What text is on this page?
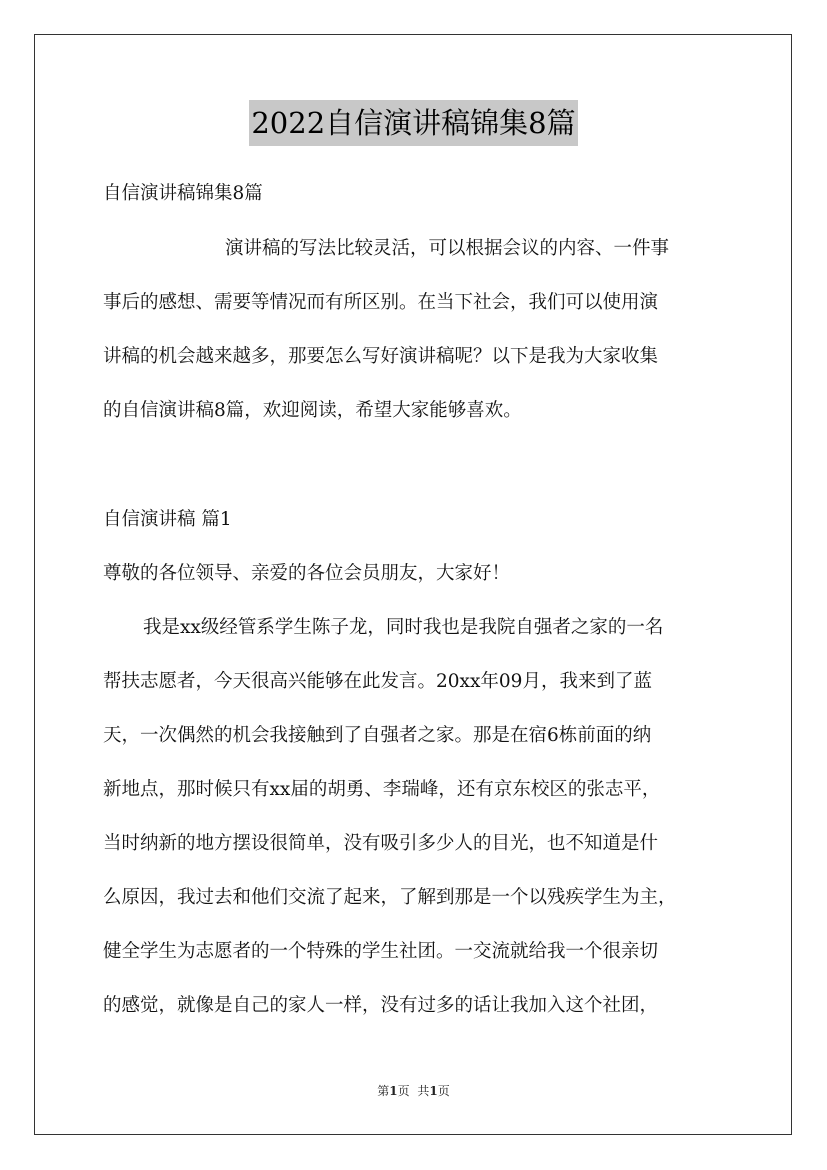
2022自信演讲稿锦集8篇
自信演讲稿锦集8篇
演讲稿的写法比较灵活，可以根据会议的内容、一件事
事后的感想、需要等情况而有所区别。在当下社会，我们可以使用演
讲稿的机会越来越多，那要怎么写好演讲稿呢？以下是我为大家收集
的自信演讲稿8篇，欢迎阅读，希望大家能够喜欢。
自信演讲稿 篇1
尊敬的各位领导、亲爱的各位会员朋友，大家好！
我是xx级经管系学生陈子龙，同时我也是我院自强者之家的一名
帮扶志愿者，今天很高兴能够在此发言。20xx年09月，我来到了蓝
天，一次偶然的机会我接触到了自强者之家。那是在宿6栋前面的纳
新地点，那时候只有xx届的胡勇、李瑞峰，还有京东校区的张志平，
当时纳新的地方摆设很简单，没有吸引多少人的目光，也不知道是什
么原因，我过去和他们交流了起来，了解到那是一个以残疾学生为主，
健全学生为志愿者的一个特殊的学生社团。一交流就给我一个很亲切
的感觉，就像是自己的家人一样，没有过多的话让我加入这个社团，
第1页 共1页
